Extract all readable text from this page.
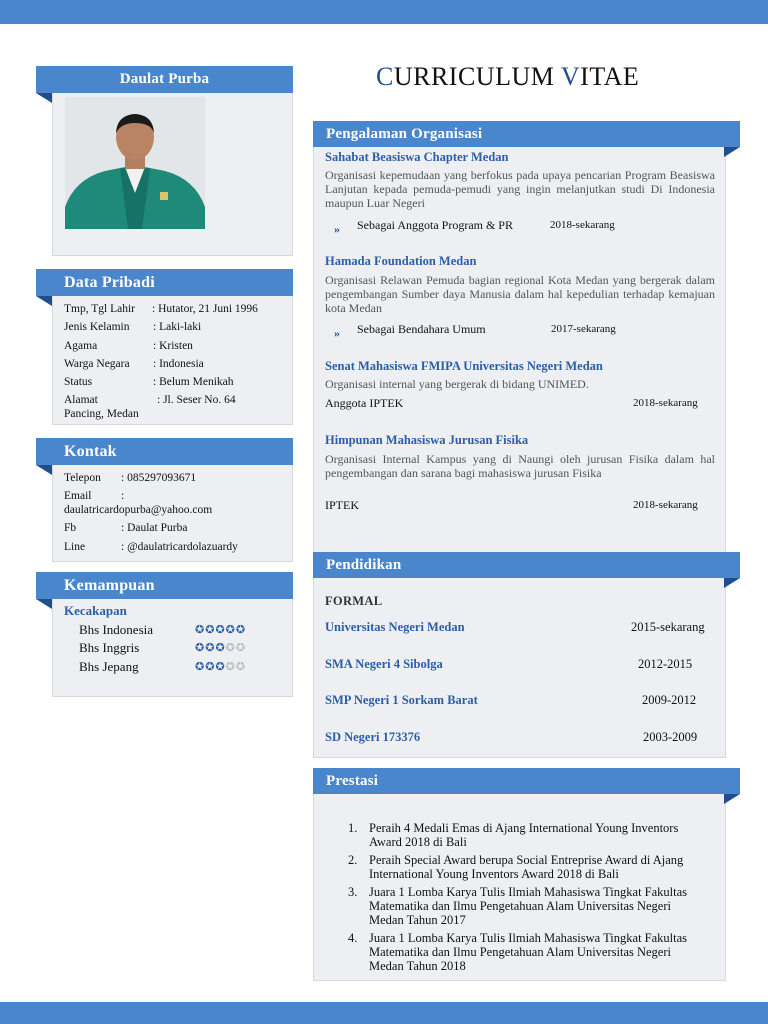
Daulat Purba
Data Pribadi
Tmp, Tgl Lahir : Hutator, 21 Juni 1996
Jenis Kelamin : Laki-laki
Agama	: Kristen
Warga Negara : Indonesia
Status	: Belum Menikah
Alamat	: Jl. Seser No. 64
Pancing, Medan
Kontak
Telepon : 085297093671
Email	:
daulatricardopurba@yahoo.com
Fb	: Daulat Purba
Line	: @daulatricardolazuardy
Kemampuan
Kecakapan
Bhs Indonesia	✪✪✪✪✪
Bhs Inggris	✪✪✪✪✪
Bhs Jepang	✪✪✪✪✪
CURRICULUM VITAE
Pengalaman Organisasi
Sahabat Beasiswa Chapter Medan
Organisasi kepemudaan yang berfokus pada upaya pencarian Program Beasiswa Lanjutan kepada pemuda-pemudi yang ingin melanjutkan studi Di Indonesia maupun Luar Negeri
» Sebagai Anggota Program & PR	2018-sekarang
Hamada Foundation Medan
Organisasi Relawan Pemuda bagian regional Kota Medan yang bergerak dalam pengembangan Sumber daya Manusia dalam hal kepedulian terhadap kemajuan kota Medan
» Sebagai Bendahara Umum	2017-sekarang
Senat Mahasiswa FMIPA Universitas Negeri Medan
Organisasi internal yang bergerak di bidang UNIMED.
Anggota IPTEK	2018-sekarang
Himpunan Mahasiswa Jurusan Fisika
Organisasi Internal Kampus yang di Naungi oleh jurusan Fisika dalam hal pengembangan dan sarana bagi mahasiswa jurusan Fisika
IPTEK	2018-sekarang
Pendidikan
FORMAL
Universitas Negeri Medan	2015-sekarang
SMA Negeri 4 Sibolga	2012-2015
SMP Negeri 1 Sorkam Barat	2009-2012
SD Negeri 173376	2003-2009
Prestasi
1. Peraih 4 Medali Emas di Ajang International Young Inventors Award 2018 di Bali
2. Peraih Special Award berupa Social Entreprise Award di Ajang International Young Inventors Award 2018 di Bali
3. Juara 1 Lomba Karya Tulis Ilmiah Mahasiswa Tingkat Fakultas Matematika dan Ilmu Pengetahuan Alam Universitas Negeri Medan Tahun 2017
4. Juara 1 Lomba Karya Tulis Ilmiah Mahasiswa Tingkat Fakultas Matematika dan Ilmu Pengetahuan Alam Universitas Negeri Medan Tahun 2018
